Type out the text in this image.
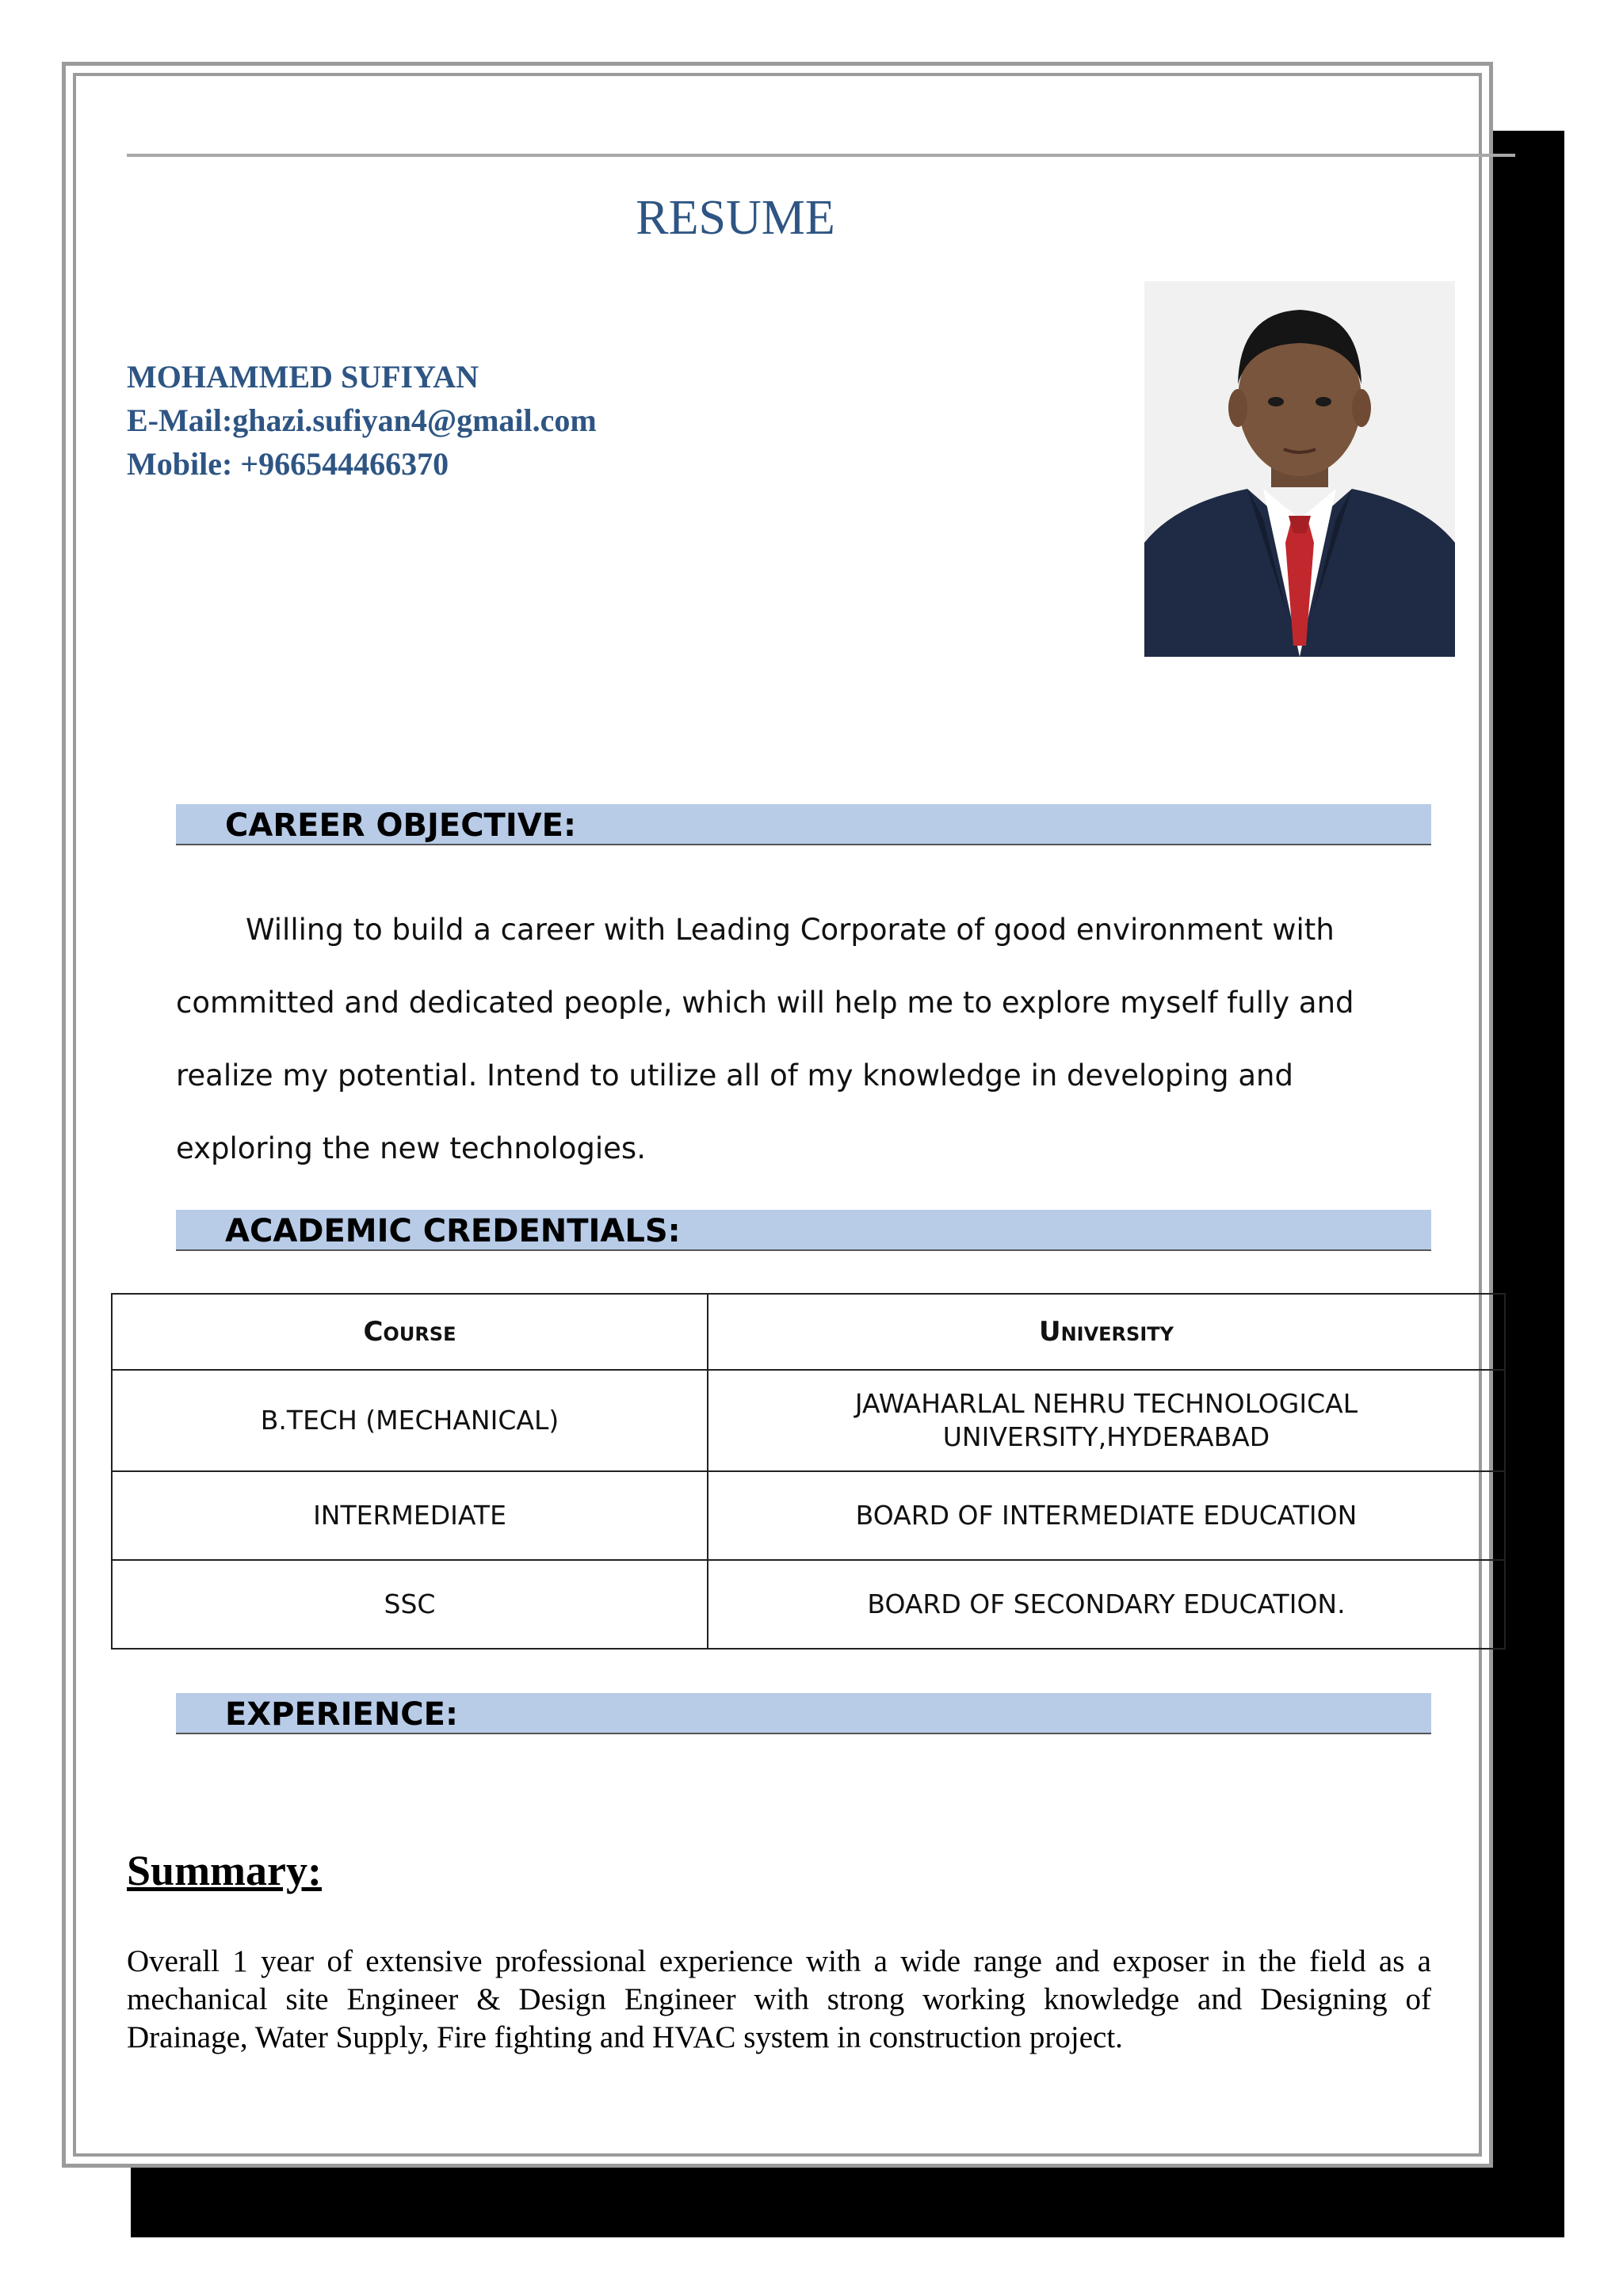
RESUME
MOHAMMED SUFIYAN
E-Mail:ghazi.sufiyan4@gmail.com
Mobile: +966544466370
CAREER OBJECTIVE:

Willing to build a career with Leading Corporate of good environment with

committed and dedicated people, which will help me to explore myself fully and

realize my potential. Intend to utilize all of my knowledge in developing and

exploring the new technologies.

ACADEMIC CREDENTIALS:
Course	University
B.TECH (MECHANICAL)	JAWAHARLAL NEHRU TECHNOLOGICAL UNIVERSITY,HYDERABAD
INTERMEDIATE	BOARD OF INTERMEDIATE EDUCATION
SSC	BOARD OF SECONDARY EDUCATION.
EXPERIENCE:
Summary:

Overall 1 year of extensive professional experience with a wide range and exposer in the field as a mechanical site Engineer & Design Engineer with strong working knowledge and Designing of Drainage, Water Supply, Fire fighting and HVAC system in construction project.
